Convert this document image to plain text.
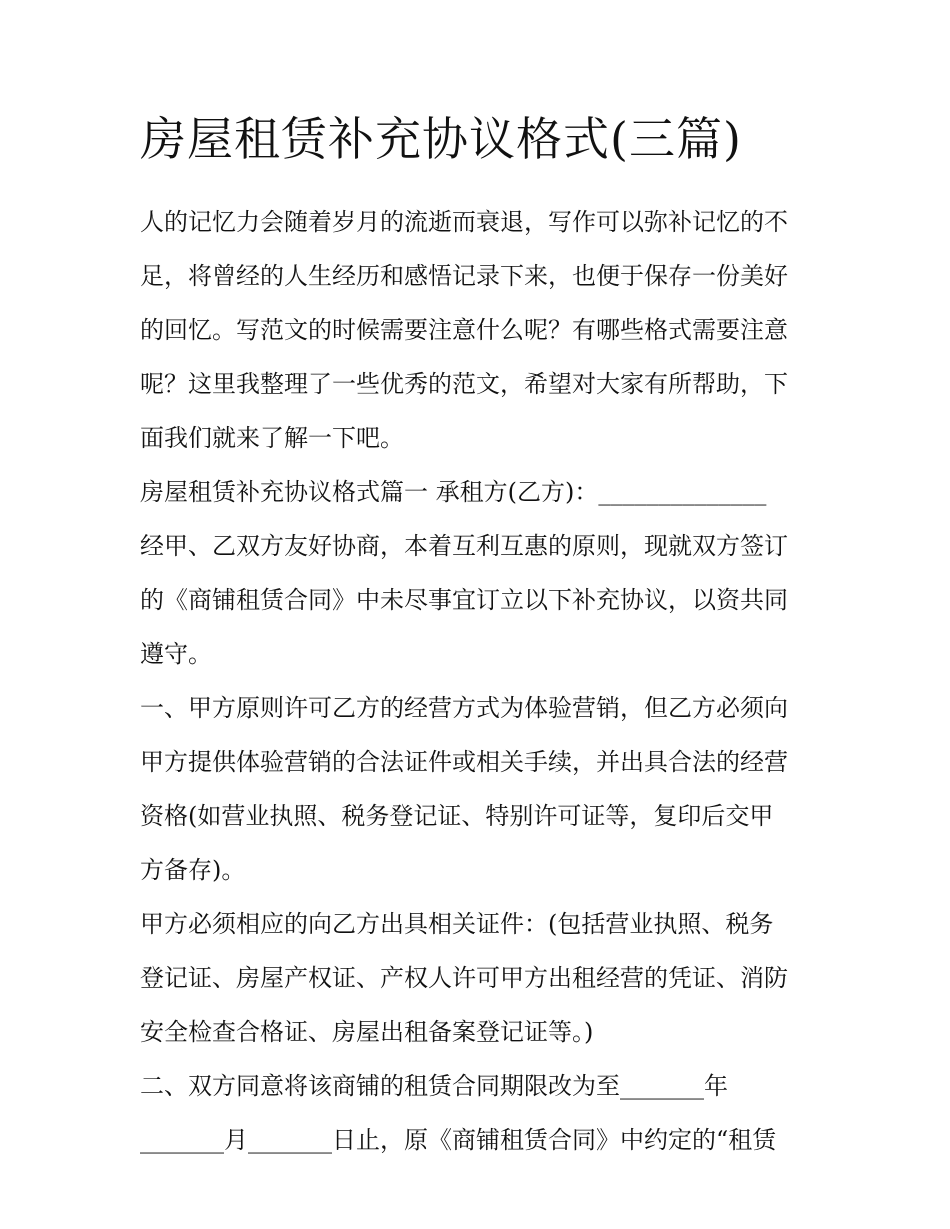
房屋租赁补充协议格式(三篇)
人的记忆力会随着岁月的流逝而衰退，写作可以弥补记忆的不
足，将曾经的人生经历和感悟记录下来，也便于保存一份美好
的回忆。写范文的时候需要注意什么呢？有哪些格式需要注意
呢？这里我整理了一些优秀的范文，希望对大家有所帮助，下
面我们就来了解一下吧。
房屋租赁补充协议格式篇一 承租方(乙方)：______________
经甲、乙双方友好协商，本着互利互惠的原则，现就双方签订
的《商铺租赁合同》中未尽事宜订立以下补充协议，以资共同
遵守。
一、甲方原则许可乙方的经营方式为体验营销，但乙方必须向
甲方提供体验营销的合法证件或相关手续，并出具合法的经营
资格(如营业执照、税务登记证、特别许可证等，复印后交甲
方备存)。
甲方必须相应的向乙方出具相关证件：(包括营业执照、税务
登记证、房屋产权证、产权人许可甲方出租经营的凭证、消防
安全检查合格证、房屋出租备案登记证等。)
二、双方同意将该商铺的租赁合同期限改为至_______年
_______月_______日止，原《商铺租赁合同》中约定的“租赁
